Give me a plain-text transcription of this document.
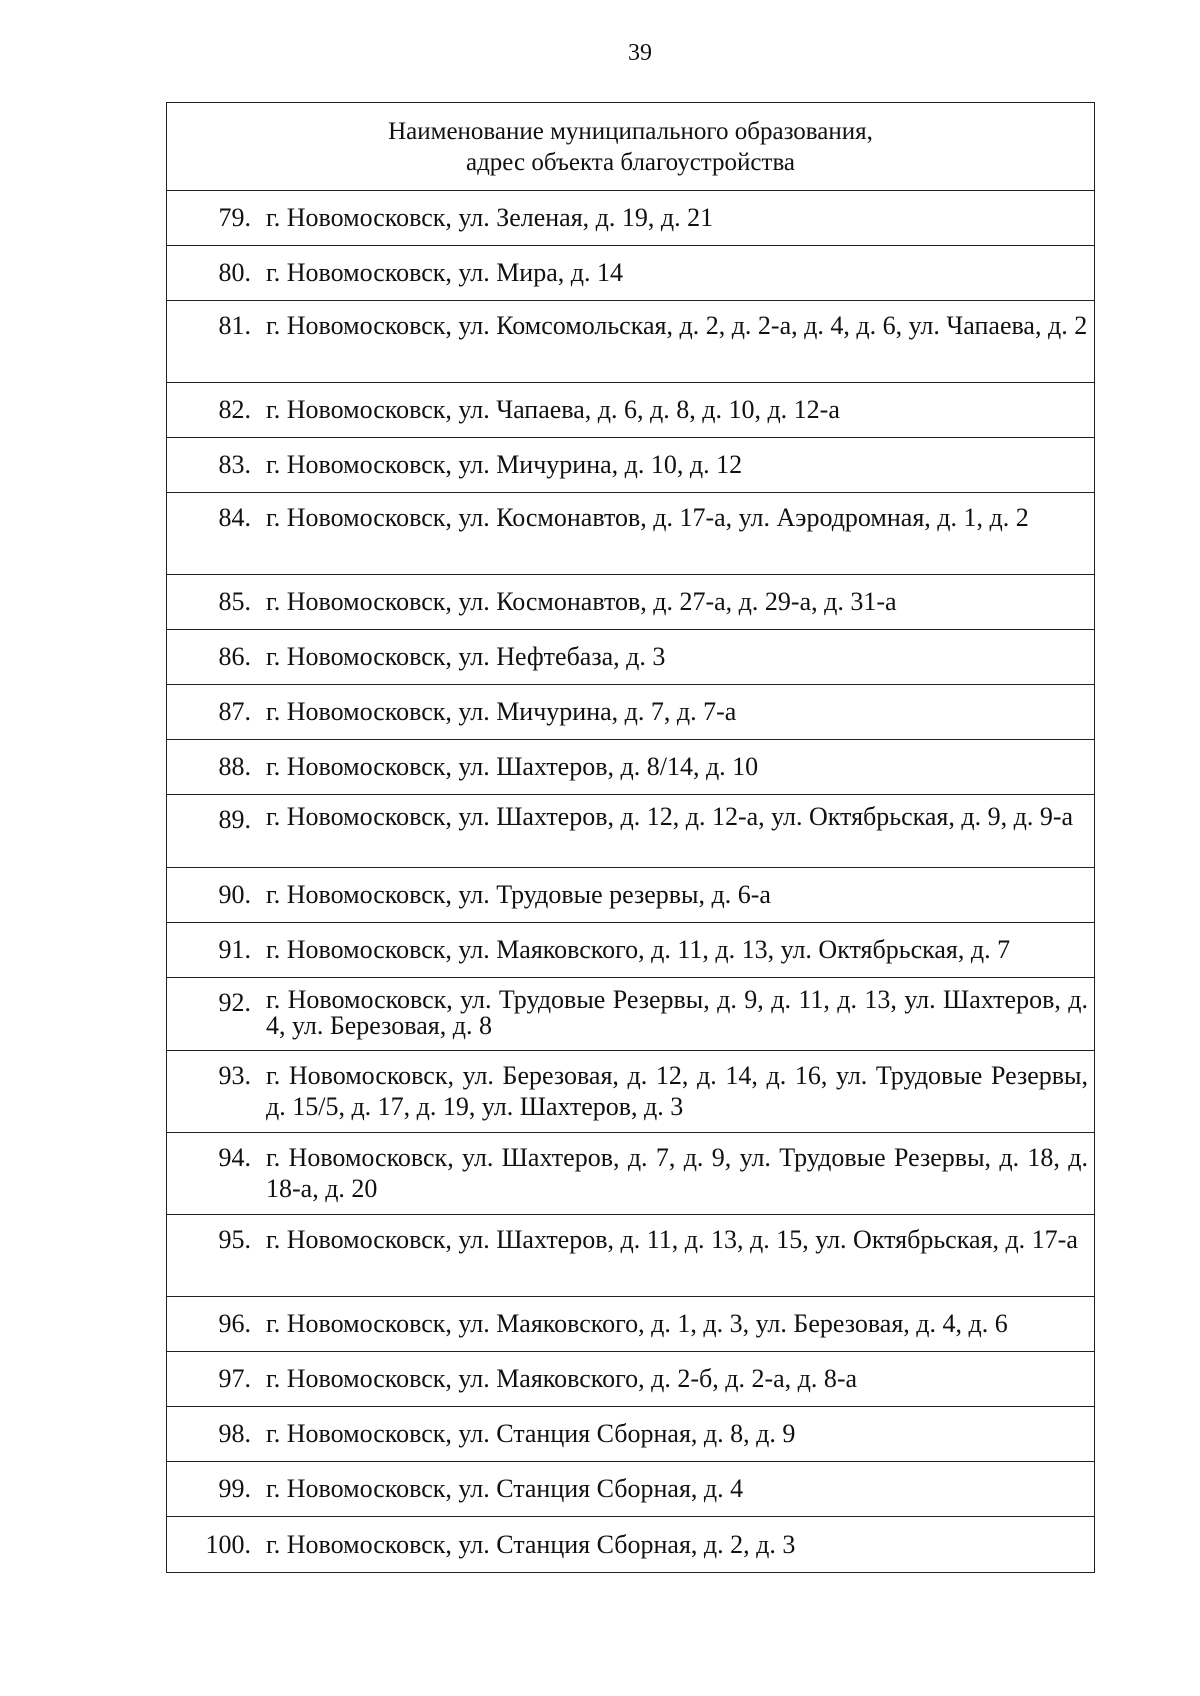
39
Наименование муниципального образования,
адрес объекта благоустройства
79. г. Новомосковск, ул. Зеленая, д. 19, д. 21
80. г. Новомосковск, ул. Мира, д. 14
81. г. Новомосковск, ул. Комсомольская, д. 2, д. 2-а, д. 4, д. 6, ул. Чапаева, д. 2
82. г. Новомосковск, ул. Чапаева, д. 6, д. 8, д. 10, д. 12-а
83. г. Новомосковск, ул. Мичурина, д. 10, д. 12
84. г. Новомосковск, ул. Космонавтов, д. 17-а, ул. Аэродромная, д. 1, д. 2
85. г. Новомосковск, ул. Космонавтов, д. 27-а, д. 29-а, д. 31-а
86. г. Новомосковск, ул. Нефтебаза, д. 3
87. г. Новомосковск, ул. Мичурина, д. 7, д. 7-а
88. г. Новомосковск, ул. Шахтеров, д. 8/14, д. 10
89. г. Новомосковск, ул. Шахтеров, д. 12, д. 12-а, ул. Октябрьская, д. 9, д. 9-а
90. г. Новомосковск, ул. Трудовые резервы, д. 6-а
91. г. Новомосковск, ул. Маяковского, д. 11, д. 13, ул. Октябрьская, д. 7
92. г. Новомосковск, ул. Трудовые Резервы, д. 9, д. 11, д. 13, ул. Шахтеров, д. 4, ул. Березовая, д. 8
93. г. Новомосковск, ул. Березовая, д. 12, д. 14, д. 16, ул. Трудовые Резервы, д. 15/5, д. 17, д. 19, ул. Шахтеров, д. 3
94. г. Новомосковск, ул. Шахтеров, д. 7, д. 9, ул. Трудовые Резервы, д. 18, д. 18-а, д. 20
95. г. Новомосковск, ул. Шахтеров, д. 11, д. 13, д. 15, ул. Октябрьская, д. 17-а
96. г. Новомосковск, ул. Маяковского, д. 1, д. 3, ул. Березовая, д. 4, д. 6
97. г. Новомосковск, ул. Маяковского, д. 2-б, д. 2-а, д. 8-а
98. г. Новомосковск, ул. Станция Сборная, д. 8, д. 9
99. г. Новомосковск, ул. Станция Сборная, д. 4
100. г. Новомосковск, ул. Станция Сборная, д. 2, д. 3
